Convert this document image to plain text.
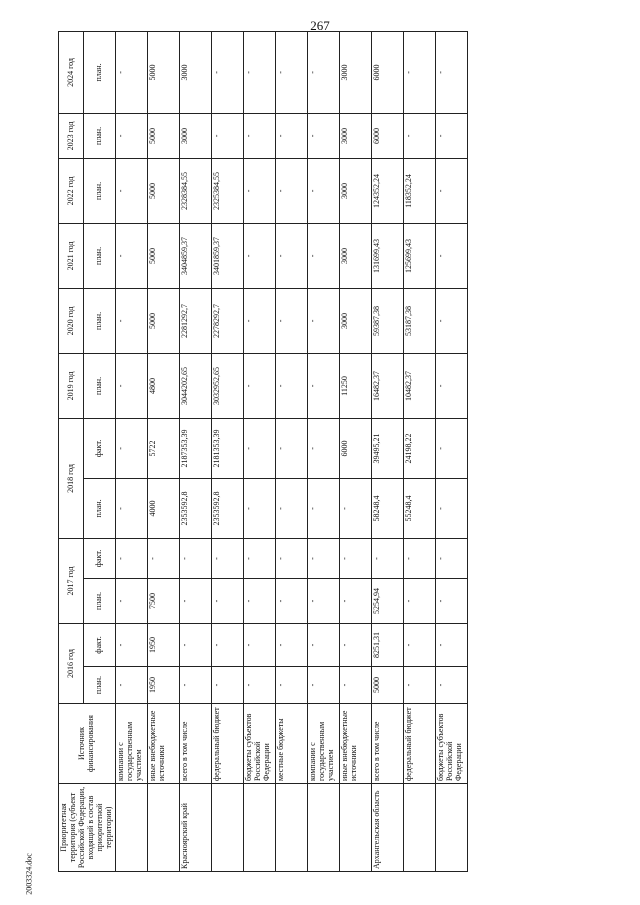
267
Приоритетная территория (субъект Российской Федерации, входящий в состав приоритетной территории)	Источник финансирования	2016 год		2017 год		2018 год		2019 год	2020 год	2021 год	2022 год	2023 год	2024 год
		план.	факт.	план.	факт.	план.	факт.	план.	план.	план.	план.	план.	план.
	компании с государственным участием	-	-	-	-	-	-	-	-	-	-	-	-
	иные внебюджетные источники	1950	1950	7500	-	4000	5722	4800	5000	5000	5000	5000	5000
Красноярский край	всего в том числе	-	-	-	-	2353592,8	2187353,39	3044202,65	2281292,7	3404859,37	2328384,55	3000	3000
	федеральный бюджет	-	-	-	-	2353592,8	2181353,39	3032952,65	2278292,7	3401859,37	2325384,55	-	-
	бюджеты субъектов Российской Федерации	-	-	-	-	-	-	-	-	-	-	-	-
	местные бюджеты	-	-	-	-	-	-	-	-	-	-	-	-
	компании с государственным участием	-	-	-	-	-	-	-	-	-	-	-	-
	иные внебюджетные источники	-	-	-	-	-	6000	11250	3000	3000	3000	3000	3000
Архангельская область	всего в том числе	5000	8251,31	5254,94	-	58248,4	39495,21	16482,37	59387,38	131699,43	124352,24	6000	6000
	федеральный бюджет	-	-	-	-	55248,4	24198,22	10482,37	53187,38	125699,43	118352,24	-	-
	бюджеты субъектов Российской Федерации	-	-	-	-	-	-	-	-	-	-	-	-
2003324.doc
